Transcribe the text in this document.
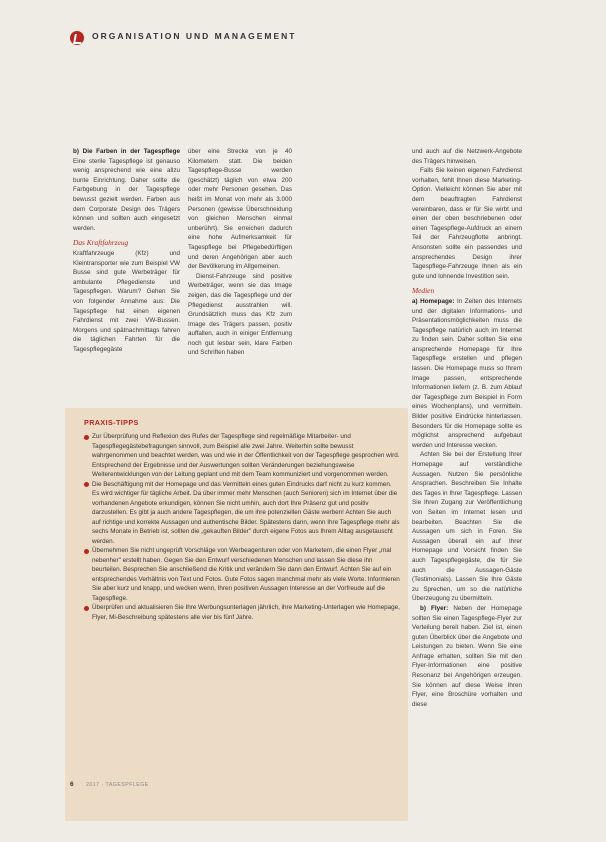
ORGANISATION UND MANAGEMENT

b) Die Farben in der Tagespflege Eine sterile Tagespflege ist genauso wenig ansprechend wie eine allzu bunte Einrichtung. Daher sollte die Farbgebung in der Tagespflege bewusst gezielt werden. Farben aus dem Corporate Design des Trägers können und sollten auch eingesetzt werden.

Das Kraftfahrzeug

Kraftfahrzeuge (Kfz) und Kleintransporter wie zum Beispiel VW Busse sind gute Werbeträger für ambulante Pflegedienste und Tagespflegen. Warum? Gehen Sie von folgender Annahme aus: Die Tagespflege hat einen eigenen Fahrdienst mit zwei VW-Bussen. Morgens und spätnachmittags fahren die täglichen Fahrten für die Tagespflegegäste

über eine Strecke von je 40 Kilometern statt. Die beiden Tagespflege-Busse werden (geschätzt) täglich von etwa 200 oder mehr Personen gesehen. Das heißt im Monat von mehr als 3.000 Personen (gewisse Überschneidung von gleichen Menschen einmal unberührt). Sie erreichen dadurch eine hohe Aufmerksamkeit für Tagespflege bei Pflegebedürftigen und deren Angehörigen aber auch der Bevölkerung im Allgemeinen.

Dienst-Fahrzeuge sind positive Werbeträger, wenn sie das Image zeigen, das die Tagespflege und der Pflegedienst ausstrahlen will. Grundsätzlich muss das Kfz zum Image des Trägers passen, positiv auffallen, auch in einiger Entfernung noch gut lesbar sein, klare Farben und Schriften haben

und auch auf die Netzwerk-Angebote des Trägers hinweisen.

Falls Sie keinen eigenen Fahrdienst vorhalten, fehlt Ihnen diese Marketing-Option. Vielleicht können Sie aber mit dem beauftragten Fahrdienst vereinbaren, dass er für Sie wirbt und einen der oben beschriebenen oder einen Tagespflege-Aufdruck an einem Teil der Fahrzeugflotte anbringt. Ansonsten sollte ein passendes und ansprechendes Design ihrer Tagespflege-Fahrzeuge Ihnen als ein gute und lohnende Investition sein.

Medien

a) Homepage: In Zeiten des Internets und der digitalen Informations- und Präsentationsmöglichkeiten muss die Tagespflege natürlich auch im Internet zu finden sein. Daher sollten Sie eine ansprechende Homepage für Ihre Tagespflege erstellen und pflegen lassen. Die Homepage muss so Ihrem Image passen, entsprechende Informationen liefern (z. B. zum Ablauf der Tagespflege zum Beispiel in Form eines Wochenplans), und vermitteln. Bilder positive Eindrücke hinterlassen. Besonders für die Homepage sollte es möglichst ansprechend aufgebaut werden und Interesse wecken.

Achten Sie bei der Erstellung Ihrer Homepage auf verständliche Aussagen. Nutzen Sie persönliche Ansprachen. Beschreiben Sie Inhalte des Tages in Ihrer Tagespflege. Lassen Sie Ihren Zugang zur Veröffentlichung von Seiten im Internet lesen und bearbeiten. Beachten Sie die Aussagen um sich in Foren. Sie Aussagen überall ein auf Ihrer Homepage und Vorsicht finden Sie auch Tagespflegegäste, die für Sie auch die Aussagen-Gäste (Testimonials). Lassen Sie Ihre Gäste zu Sprechen, um so die natürliche Überzeugung zu übermitteln.

b) Flyer: Neben der Homepage sollten Sie einen Tagespflege-Flyer zur Verteilung bereit haben. Ziel ist, einen guten Überblick über die Angebote und Leistungen zu bieten. Wenn Sie eine Anfrage erhalten, sollten Sie mit den Flyer-Informationen eine positive Resonanz bei Angehörigen erzeugen. Sie können auf diese Weise Ihren Flyer, eine Broschüre vorhalten und diese

PRAXIS-TIPPS
Zur Überprüfung und Reflexion des Rufes der Tagespflege sind regelmäßige Mitarbeiter- und Tagespflegegästebefragungen sinnvoll, zum Beispiel alle zwei Jahre. Weiterhin sollte bewusst wahrgenommen und beachtet werden, was und wie in der Öffentlichkeit von der Tagespflege gesprochen wird. Entsprechend der Ergebnisse und der Auswertungen sollten Veränderungen beziehungsweise Weiterentwicklungen von der Leitung geplant und mit dem Team kommuniziert und vorgenommen werden.
Die Beschäftigung mit der Homepage und das Vermitteln eines guten Eindrucks darf nicht zu kurz kommen. Es wird wichtiger für tägliche Arbeit. Da über immer mehr Menschen (auch Senioren) sich im Internet über die vorhandenen Angebote erkundigen, können Sie nicht umhin, auch dort Ihre Präsenz gut und positiv darzustellen. Es gibt ja auch andere Tagespflegen, die um ihre potenziellen Gäste werben! Achten Sie auch auf richtige und korrekte Aussagen und authentische Bilder. Spätestens dann, wenn Ihre Tagespflege mehr als sechs Monate in Betrieb ist, sollten die „gekauften Bilder" durch eigene Fotos aus Ihrem Alltag ausgetauscht werden.
Übernehmen Sie nicht ungeprüft Vorschläge von Werbeagenturen oder von Marketern, die einen Flyer „mal nebenher" erstellt haben. Gegen Sie den Entwurf verschiedenen Menschen und lassen Sie diese ihn beurteilen. Besprechen Sie anschließend die Kritik und verändern Sie dann den Entwurf. Achten Sie auf ein entsprechendes Verhältnis von Text und Fotos. Gute Fotos sagen manchmal mehr als viele Worte. Informieren Sie aber kurz und knapp, und wecken wenn, Ihren positiven Aussagen Interesse an der Vorfreude auf die Tagespflege.
Überprüfen und aktualisieren Sie Ihre Werbungsunterlagen jährlich, ihre Marketing-Unterlagen wie Homepage, Flyer, Mi-Beschreibung spätestens alle vier bis fünf Jahre.
6 2017 · TAGESPFLEGE
